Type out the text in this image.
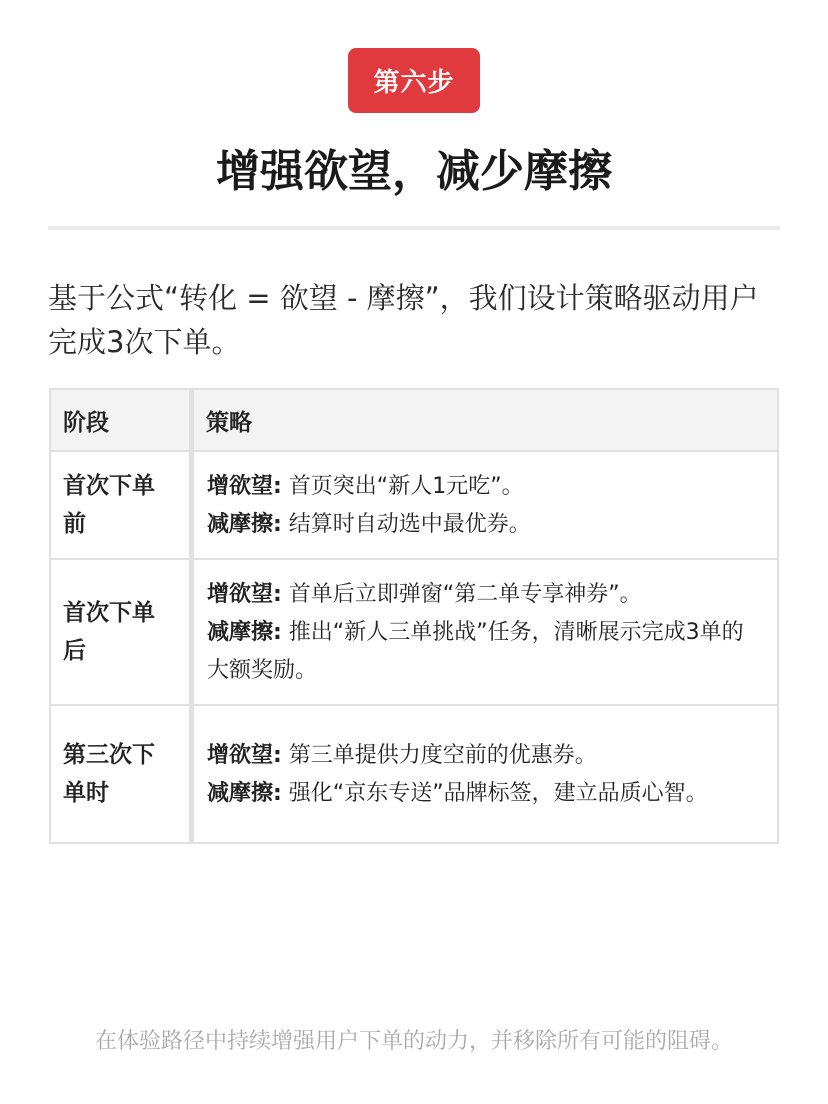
第六步
增强欲望，减少摩擦
基于公式“转化 = 欲望 - 摩擦”，我们设计策略驱动用户完成3次下单。
阶段	策略
首次下单前	增欲望: 首页突出“新人1元吃”。
减摩擦: 结算时自动选中最优券。

首次下单后	增欲望: 首单后立即弹窗“第二单专享神券”。
减摩擦: 推出“新人三单挑战”任务，清晰展示完成3单的大额奖励。

第三次下单时	增欲望: 第三单提供力度空前的优惠券。
减摩擦: 强化“京东专送”品牌标签，建立品质心智。
在体验路径中持续增强用户下单的动力，并移除所有可能的阻碍。
